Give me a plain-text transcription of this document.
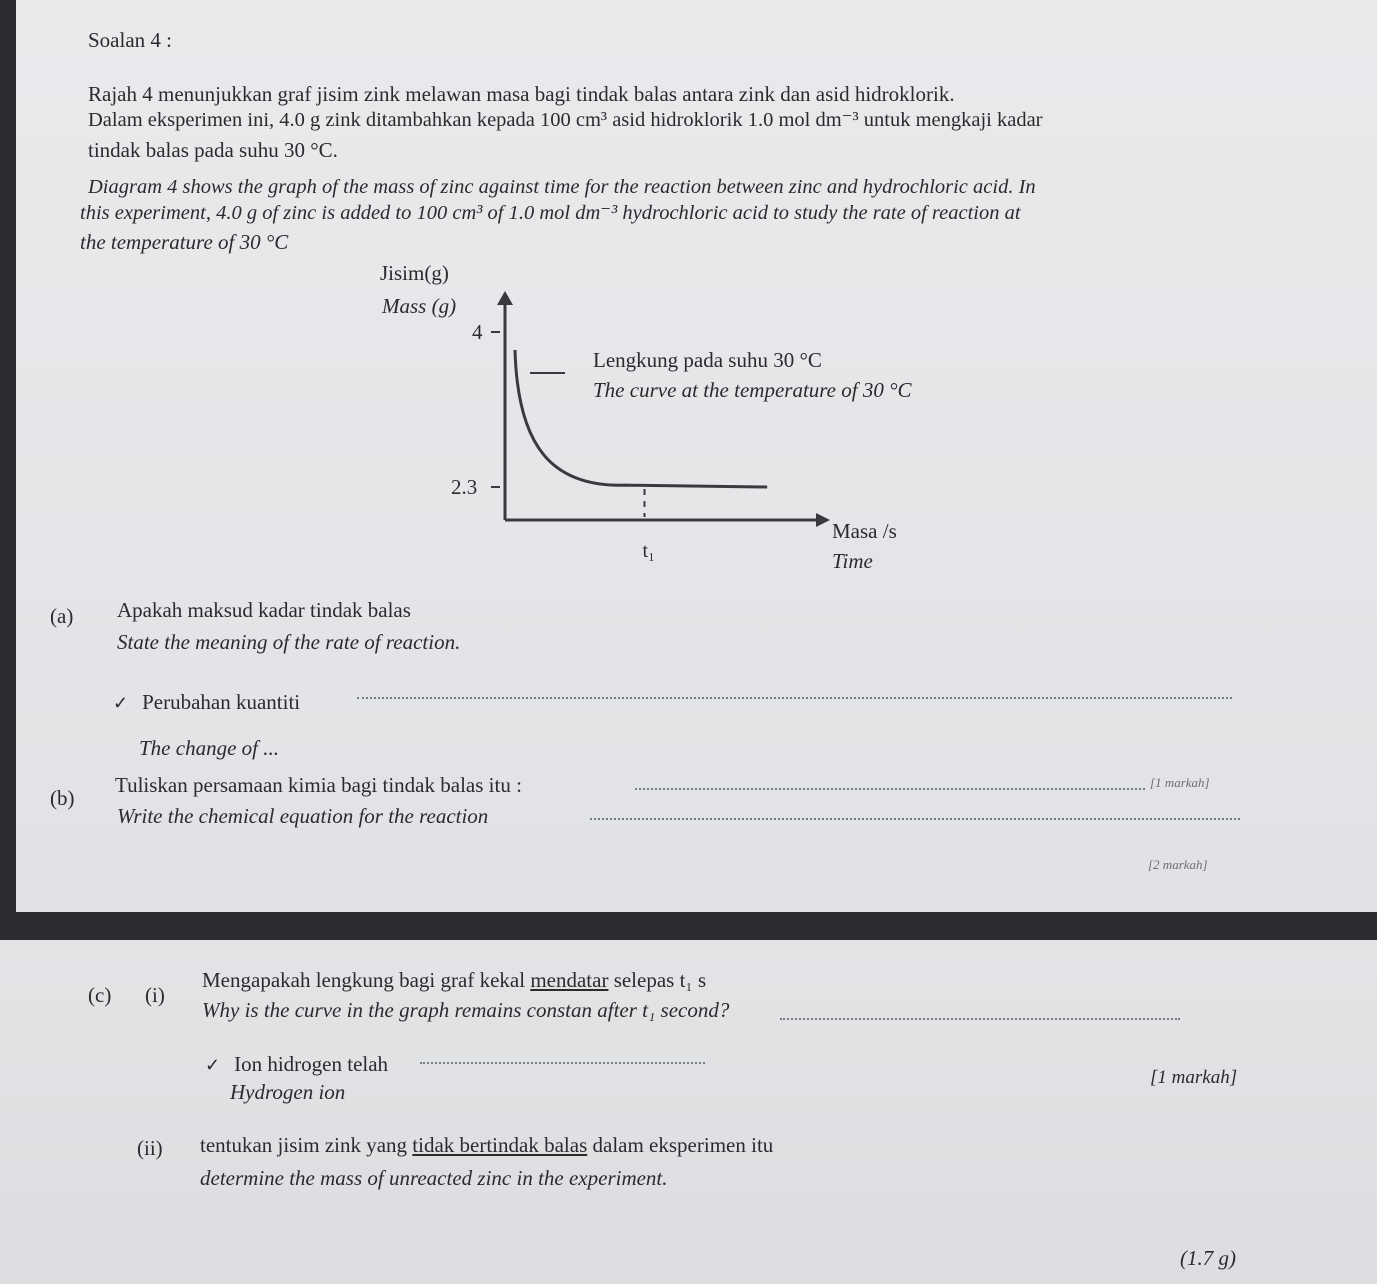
Soalan 4 :
Rajah 4 menunjukkan graf jisim zink melawan masa bagi tindak balas antara zink dan asid hidroklorik.
Dalam eksperimen ini, 4.0 g zink ditambahkan kepada 100 cm³ asid hidroklorik 1.0 mol dm⁻³ untuk mengkaji kadar
tindak balas pada suhu 30 °C.
Diagram 4 shows the graph of the mass of zinc against time for the reaction between zinc and hydrochloric acid. In
this experiment, 4.0 g of zinc is added to 100 cm³ of 1.0 mol dm⁻³ hydrochloric acid to study the rate of reaction at
the temperature of 30 °C
Jisim(g)
Mass (g)
4
2.3
Lengkung pada suhu 30 °C
The curve at the temperature of 30 °C
t₁
Masa /s
Time
(a) Apakah maksud kadar tindak balas
State the meaning of the rate of reaction.
✓ Perubahan kuantiti
The change of ...
[1 markah]
(b)
Tuliskan persamaan kimia bagi tindak balas itu :
Write the chemical equation for the reaction
[2 markah]
(c) (i)
Mengapakah lengkung bagi graf kekal mendatar selepas t₁ s
Why is the curve in the graph remains constan after t₁ second?
✓ Ion hidrogen telah
Hydrogen ion
[1 markah]
(ii) tentukan jisim zink yang tidak bertindak balas dalam eksperimen itu
determine the mass of unreacted zinc in the experiment.
(1.7 g)
